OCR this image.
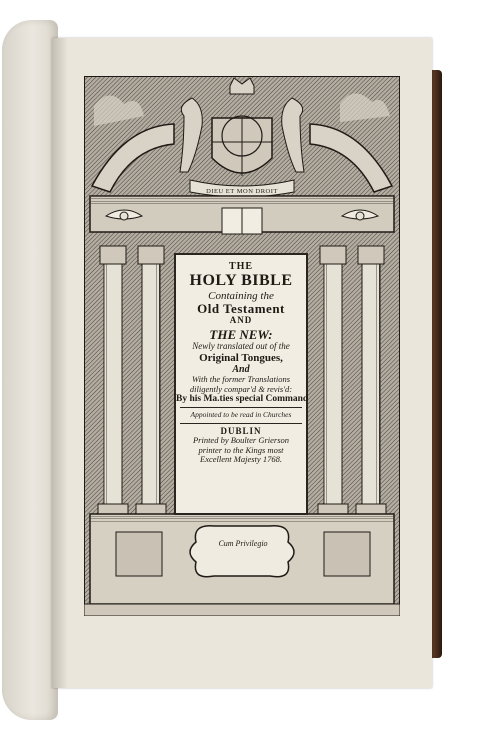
DIEU ET MON DROIT
THE
HOLY BIBLE
Containing the
Old Testament
AND
THE NEW:
Newly translated out of the
Original Tongues,
And
With the former Translations
diligently compar'd & revis'd:
By his Ma.ties special Command
Appointed to be read in Churches
DUBLIN
Printed by Boulter Grierson
printer to the Kings most
Excellent Majesty 1768.
Cum Privilegio
